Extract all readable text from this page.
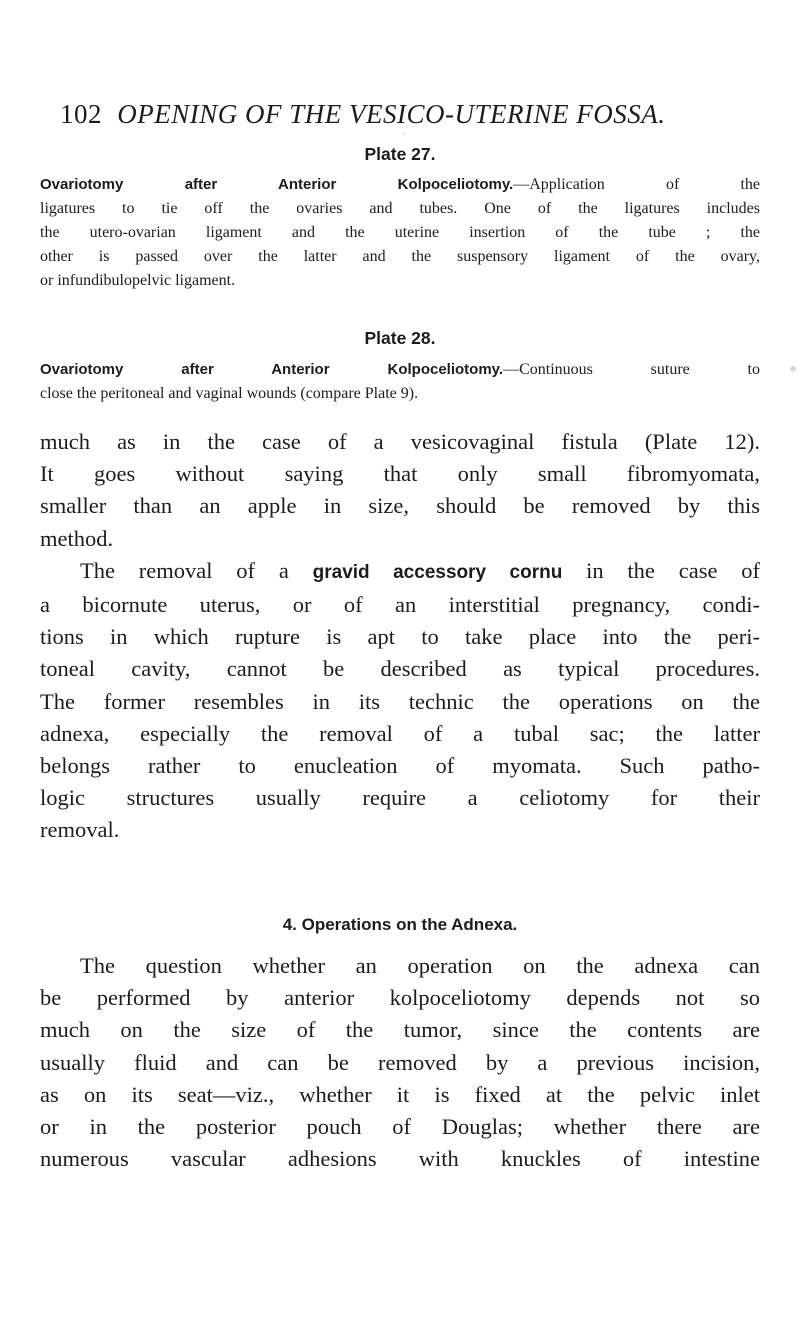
‘
102 OPENING OF THE VESICO-UTERINE FOSSA.
Plate 27.
Ovariotomy after Anterior Kolpoceliotomy.—Application of the
ligatures to tie off the ovaries and tubes. One of the ligatures includes
the utero-ovarian ligament and the uterine insertion of the tube ; the
other is passed over the latter and the suspensory ligament of the ovary,
or infundibulopelvic ligament.
Plate 28.
Ovariotomy after Anterior Kolpoceliotomy.—Continuous suture to
close the peritoneal and vaginal wounds (compare Plate 9).
much as in the case of a vesicovaginal fistula (Plate 12).
It goes without saying that only small fibromyomata,
smaller than an apple in size, should be removed by this
method.
The removal of a gravid accessory cornu in the case of
a bicornute uterus, or of an interstitial pregnancy, condi-
tions in which rupture is apt to take place into the peri-
toneal cavity, cannot be described as typical procedures.
The former resembles in its technic the operations on the
adnexa, especially the removal of a tubal sac; the latter
belongs rather to enucleation of myomata. Such patho-
logic structures usually require a celiotomy for their
removal.
4. Operations on the Adnexa.
The question whether an operation on the adnexa can
be performed by anterior kolpoceliotomy depends not so
much on the size of the tumor, since the contents are
usually fluid and can be removed by a previous incision,
as on its seat—viz., whether it is fixed at the pelvic inlet
or in the posterior pouch of Douglas; whether there are
numerous vascular adhesions with knuckles of intestine
